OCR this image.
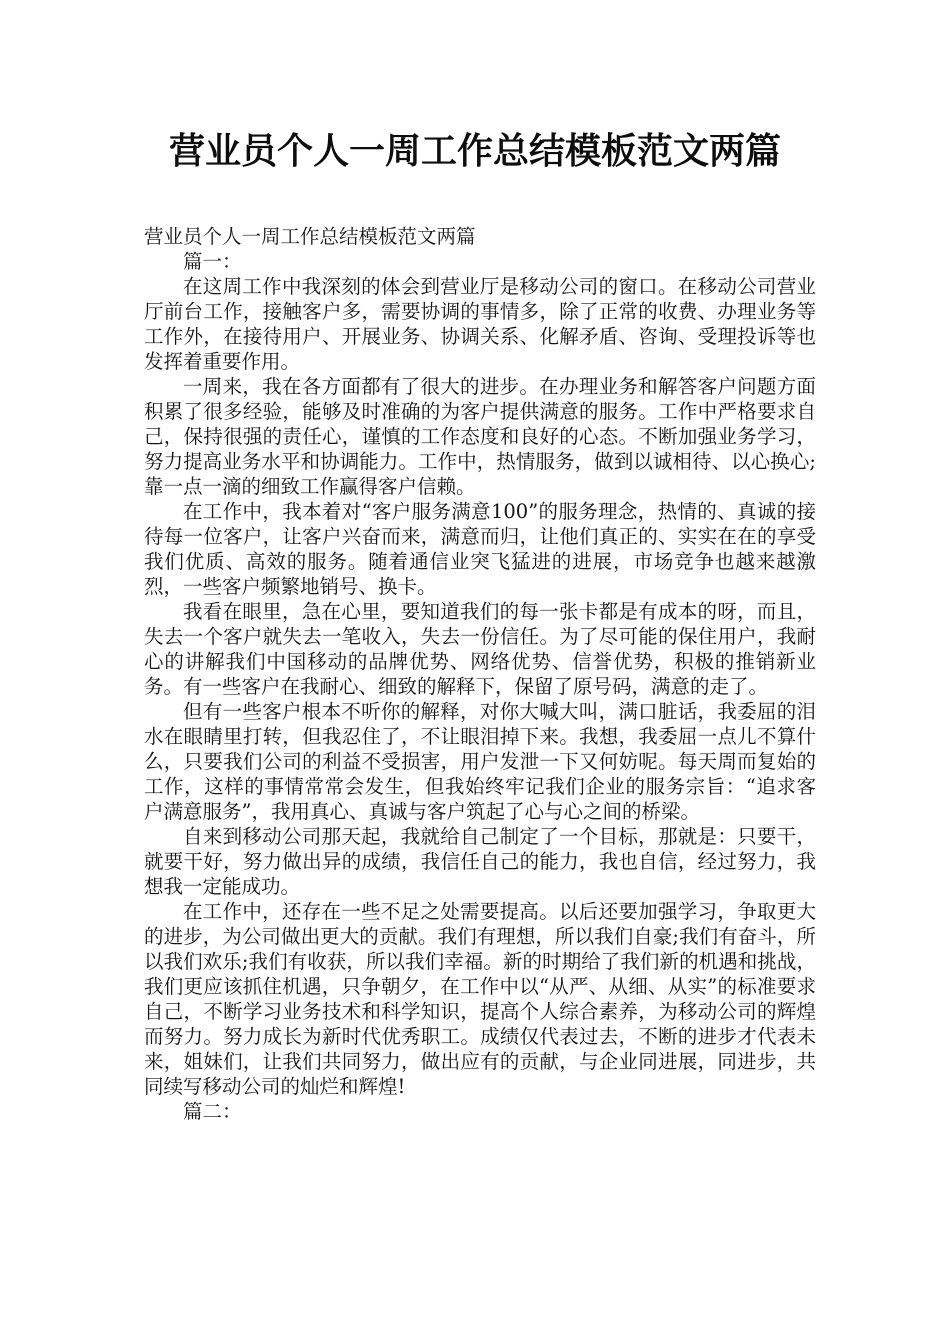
营业员个人一周工作总结模板范文两篇

营业员个人一周工作总结模板范文两篇

篇一：

在这周工作中我深刻的体会到营业厅是移动公司的窗口。在移动公司营业厅前台工作，接触客户多，需要协调的事情多，除了正常的收费、办理业务等工作外，在接待用户、开展业务、协调关系、化解矛盾、咨询、受理投诉等也发挥着重要作用。

一周来，我在各方面都有了很大的进步。在办理业务和解答客户问题方面积累了很多经验，能够及时准确的为客户提供满意的服务。工作中严格要求自己，保持很强的责任心，谨慎的工作态度和良好的心态。不断加强业务学习，努力提高业务水平和协调能力。工作中，热情服务，做到以诚相待、以心换心;靠一点一滴的细致工作赢得客户信赖。

在工作中，我本着对“客户服务满意100”的服务理念，热情的、真诚的接待每一位客户，让客户兴奋而来，满意而归，让他们真正的、实实在在的享受我们优质、高效的服务。随着通信业突飞猛进的进展，市场竞争也越来越激烈，一些客户频繁地销号、换卡。

我看在眼里，急在心里，要知道我们的每一张卡都是有成本的呀，而且，失去一个客户就失去一笔收入，失去一份信任。为了尽可能的保住用户，我耐心的讲解我们中国移动的品牌优势、网络优势、信誉优势，积极的推销新业务。有一些客户在我耐心、细致的解释下，保留了原号码，满意的走了。

但有一些客户根本不听你的解释，对你大喊大叫，满口脏话，我委屈的泪水在眼睛里打转，但我忍住了，不让眼泪掉下来。我想，我委屈一点儿不算什么，只要我们公司的利益不受损害，用户发泄一下又何妨呢。每天周而复始的工作，这样的事情常常会发生，但我始终牢记我们企业的服务宗旨：“追求客户满意服务”，我用真心、真诚与客户筑起了心与心之间的桥梁。

自来到移动公司那天起，我就给自己制定了一个目标，那就是：只要干，就要干好，努力做出异的成绩，我信任自己的能力，我也自信，经过努力，我想我一定能成功。

在工作中，还存在一些不足之处需要提高。以后还要加强学习，争取更大的进步，为公司做出更大的贡献。我们有理想，所以我们自豪;我们有奋斗，所以我们欢乐;我们有收获，所以我们幸福。新的时期给了我们新的机遇和挑战，我们更应该抓住机遇，只争朝夕，在工作中以“从严、从细、从实”的标准要求自己，不断学习业务技术和科学知识，提高个人综合素养，为移动公司的辉煌而努力。努力成长为新时代优秀职工。成绩仅代表过去，不断的进步才代表未来，姐妹们，让我们共同努力，做出应有的贡献，与企业同进展，同进步，共同续写移动公司的灿烂和辉煌!

篇二：
